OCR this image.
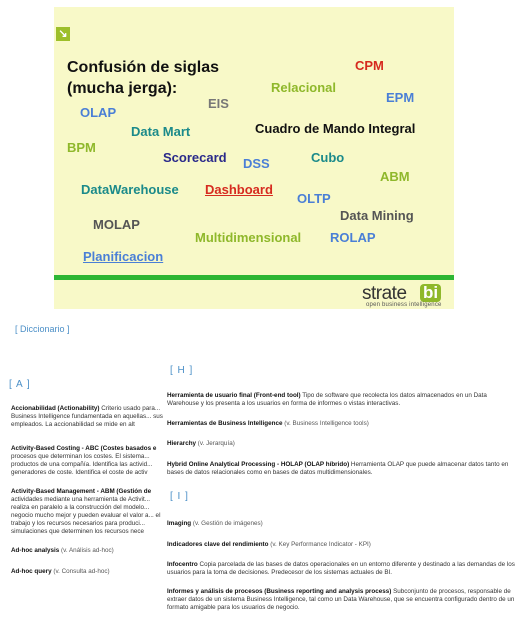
↘
Confusión de siglas
(mucha jerga):
CPM
Relacional
EIS	EPM
OLAP
Data Mart	Cuadro de Mando Integral
BPM
Scorecard DSS	Cubo
ABM
DataWarehouse Dashboard
OLTP
Data Mining
MOLAP
Multidimensional ROLAP
Planificacion
strate bi
open business intelligence
[ Diccionario ]
[ A ]
Accionabilidad (Actionability) Criterio usado para... Business Intelligence fundamentada en aquellas... sus empleados. La accionabilidad se mide en alt
Activity-Based Costing - ABC (Costes basados e procesos que determinan los costes. El sistema... productos de una compañía. Identifica las activid... generadores de coste. Identifica el coste de activ
Activity-Based Management - ABM (Gestión de actividades mediante una herramienta de Activit... realiza en paralelo a la construcción del modelo... negocio mucho mejor y pueden evaluar el valor a... el trabajo y los recursos necesarios para produci... simulaciones que determinen los recursos nece
Ad-hoc analysis (v. Análisis ad-hoc)
Ad-hoc query (v. Consulta ad-hoc)
[ H ]
Herramienta de usuario final (Front-end tool) Tipo de software que recolecta los datos almacenados en un Data Warehouse y los presenta a los usuarios en forma de informes o vistas interactivas.
Herramientas de Business Intelligence (v. Business Intelligence tools)
Hierarchy (v. Jerarquía)
Hybrid Online Analytical Processing - HOLAP (OLAP híbrido) Herramienta OLAP que puede almacenar datos tanto en bases de datos relacionales como en bases de datos multidimensionales.
[ I ]
Imaging (v. Gestión de imágenes)
Indicadores clave del rendimiento (v. Key Performance Indicator - KPI)
Infocentro Copia parcelada de las bases de datos operacionales en un entorno diferente y destinado a las demandas de los usuarios para la toma de decisiones. Predecesor de los sistemas actuales de BI.
Informes y análisis de procesos (Business reporting and analysis process) Subconjunto de procesos, responsable de extraer datos de un sistema Business Intelligence, tal como un Data Warehouse, que se encuentra configurado dentro de un formato amigable para los usuarios de negocio.
